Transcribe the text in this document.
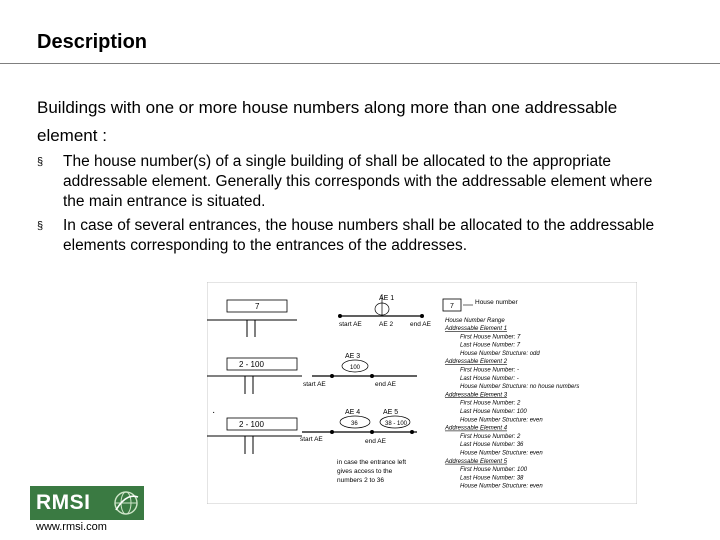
Description
Buildings with one or more house numbers along more than one addressable element :
§ The house number(s) of a single building of shall be allocated to the appropriate addressable element. Generally this corresponds with the addressable element where the main entrance is situated.
§ In case of several entrances, the house numbers shall be allocated to the addressable elements corresponding to the entrances of the addresses.
7
AE 1
start AE	AE 2	end AE
2 - 100
AE 3
100
start AE	end AE
2 - 100
AE 4	AE 5
36	38 - 100
start AE	end AE
in case the entrance left
gives access to the
numbers 2 to 36
7
House number
House Number Range
Addressable Element 1
First House Number: 7
Last House Number: 7
House Number Structure: odd
Addressable Element 2
First House Number: -
Last House Number: -
House Number Structure: no house numbers
Addressable Element 3
First House Number: 2
Last House Number: 100
House Number Structure: even
Addressable Element 4
First House Number: 2
Last House Number: 36
House Number Structure: even
Addressable Element 5
First House Number: 100
Last House Number: 38
House Number Structure: even
·
RMSI
www.rmsi.com
